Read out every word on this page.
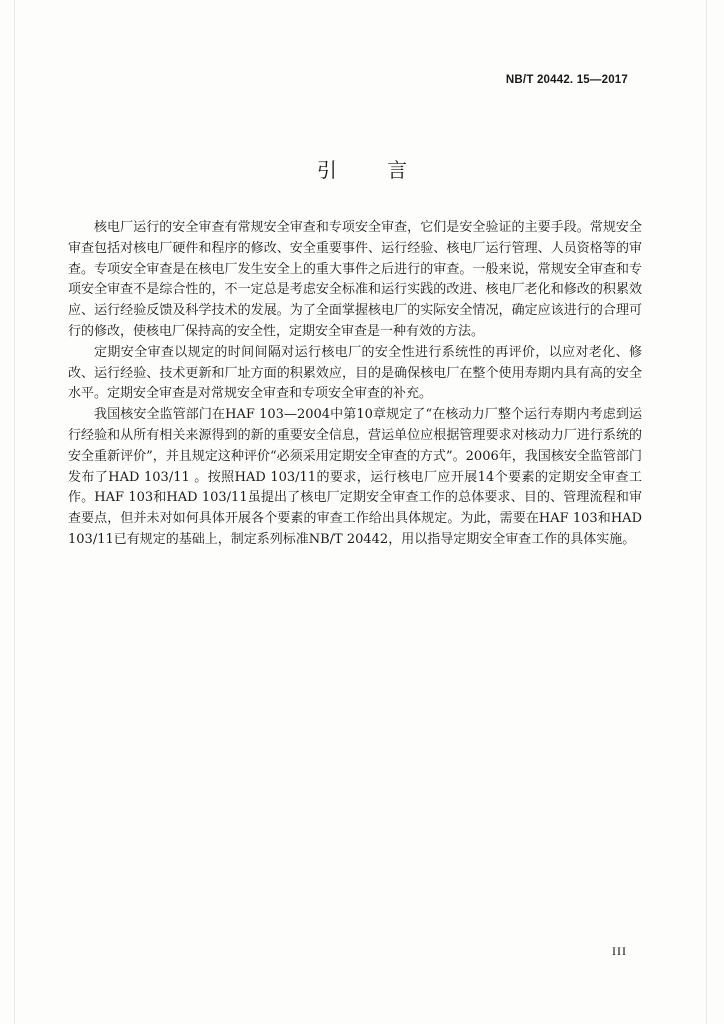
NB/T 20442. 15—2017
引 言

核电厂运行的安全审查有常规安全审查和专项安全审查，它们是安全验证的主要手段。常规安全审查包括对核电厂硬件和程序的修改、安全重要事件、运行经验、核电厂运行管理、人员资格等的审查。专项安全审查是在核电厂发生安全上的重大事件之后进行的审查。一般来说，常规安全审查和专项安全审查不是综合性的，不一定总是考虑安全标准和运行实践的改进、核电厂老化和修改的积累效应、运行经验反馈及科学技术的发展。为了全面掌握核电厂的实际安全情况，确定应该进行的合理可行的修改，使核电厂保持高的安全性，定期安全审查是一种有效的方法。

定期安全审查以规定的时间间隔对运行核电厂的安全性进行系统性的再评价，以应对老化、修改、运行经验、技术更新和厂址方面的积累效应，目的是确保核电厂在整个使用寿期内具有高的安全水平。定期安全审查是对常规安全审查和专项安全审查的补充。

我国核安全监管部门在HAF 103—2004中第10章规定了“在核动力厂整个运行寿期内考虑到运行经验和从所有相关来源得到的新的重要安全信息，营运单位应根据管理要求对核动力厂进行系统的安全重新评价”，并且规定这种评价“必须采用定期安全审查的方式”。2006年，我国核安全监管部门发布了HAD 103/11 。按照HAD 103/11的要求，运行核电厂应开展14个要素的定期安全审查工作。HAF 103和HAD 103/11虽提出了核电厂定期安全审查工作的总体要求、目的、管理流程和审查要点，但并未对如何具体开展各个要素的审查工作给出具体规定。为此，需要在HAF 103和HAD 103/11已有规定的基础上，制定系列标准NB/T 20442，用以指导定期安全审查工作的具体实施。

III
